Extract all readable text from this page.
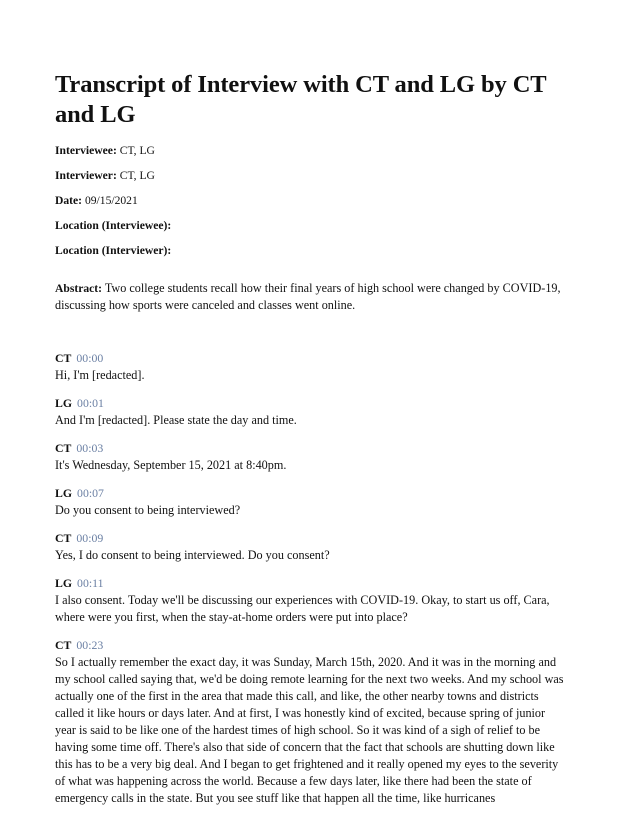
Transcript of Interview with CT and LG by CT and LG
Interviewee: CT, LG
Interviewer: CT, LG
Date: 09/15/2021
Location (Interviewee):
Location (Interviewer):
Abstract: Two college students recall how their final years of high school were changed by COVID-19, discussing how sports were canceled and classes went online.
CT 00:00

Hi, I'm [redacted].

LG 00:01

And I'm [redacted]. Please state the day and time.

CT 00:03

It's Wednesday, September 15, 2021 at 8:40pm.

LG 00:07

Do you consent to being interviewed?

CT 00:09

Yes, I do consent to being interviewed. Do you consent?

LG 00:11

I also consent. Today we'll be discussing our experiences with COVID-19. Okay, to start us off, Cara, where were you first, when the stay-at-home orders were put into place?

CT 00:23

So I actually remember the exact day, it was Sunday, March 15th, 2020. And it was in the morning and my school called saying that, we'd be doing remote learning for the next two weeks. And my school was actually one of the first in the area that made this call, and like, the other nearby towns and districts called it like hours or days later. And at first, I was honestly kind of excited, because spring of junior year is said to be like one of the hardest times of high school. So it was kind of a sigh of relief to be having some time off. There's also that side of concern that the fact that schools are shutting down like this has to be a very big deal. And I began to get frightened and it really opened my eyes to the severity of what was happening across the world. Because a few days later, like there had been the state of emergency calls in the state. But you see stuff like that happen all the time, like hurricanes
